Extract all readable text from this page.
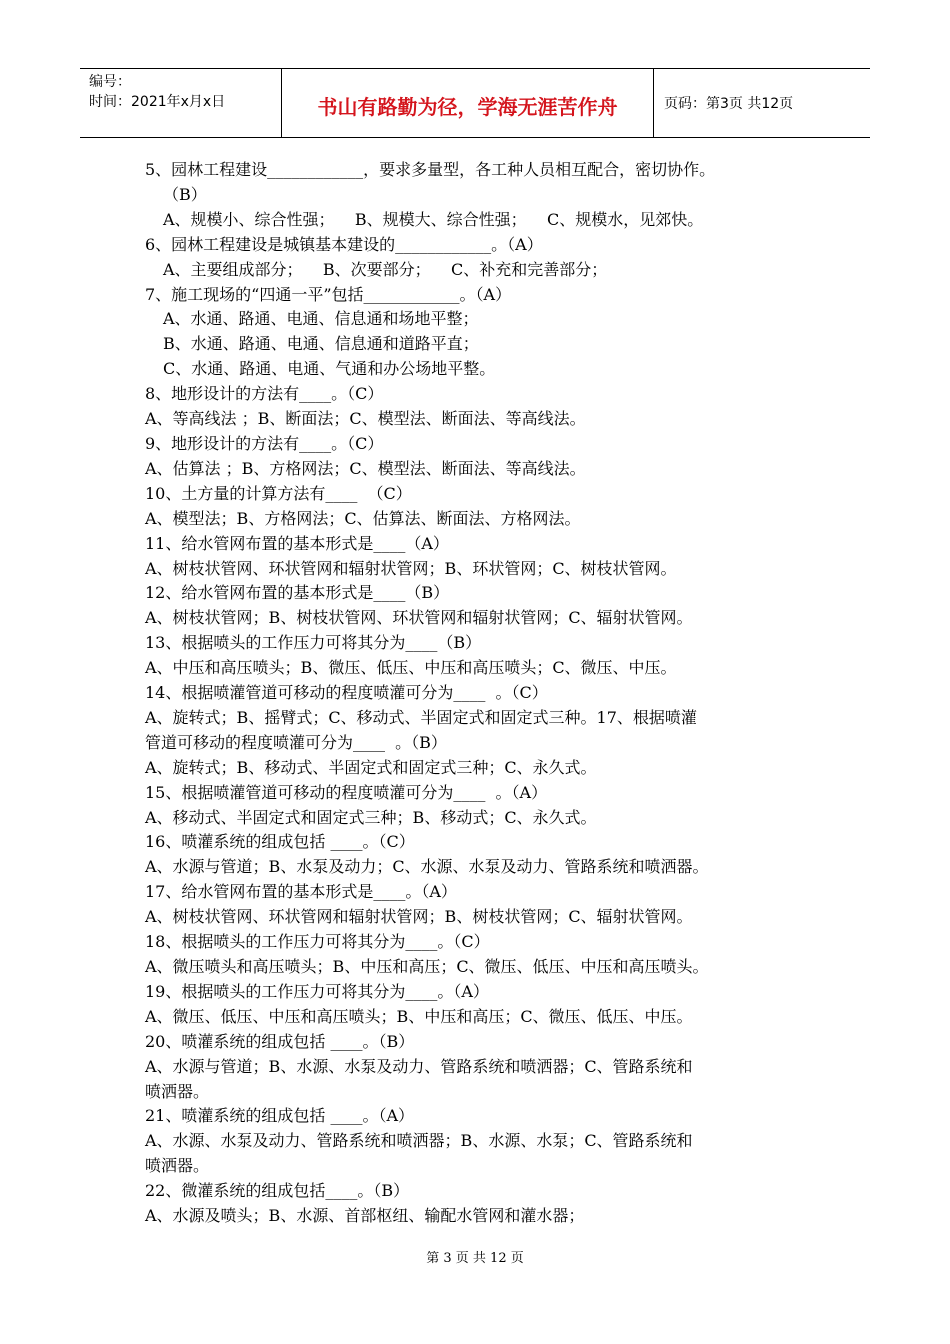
编号：
时间：2021年x月x日	书山有路勤为径，学海无涯苦作舟	页码：第3页 共12页
5、园林工程建设____________，要求多量型，各工种人员相互配合，密切协作。
（B）
A、规模小、综合性强；    B、规模大、综合性强；    C、规模水，见郊快。
6、园林工程建设是城镇基本建设的____________。（A）
A、主要组成部分；    B、次要部分；    C、补充和完善部分；
7、施工现场的“四通一平”包括____________。（A）
A、水通、路通、电通、信息通和场地平整；
B、水通、路通、电通、信息通和道路平直；
C、水通、路通、电通、气通和办公场地平整。
8、地形设计的方法有____。（C）
A、等高线法 ；B、断面法；C、模型法、断面法、等高线法。
9、地形设计的方法有____。（C）
A、估算法 ；B、方格网法；C、模型法、断面法、等高线法。
10、土方量的计算方法有____  （C）
A、模型法；B、方格网法；C、估算法、断面法、方格网法。
11、给水管网布置的基本形式是____（A）
A、树枝状管网、环状管网和辐射状管网；B、环状管网；C、树枝状管网。
12、给水管网布置的基本形式是____（B）
A、树枝状管网；B、树枝状管网、环状管网和辐射状管网；C、辐射状管网。
13、根据喷头的工作压力可将其分为____（B）
A、中压和高压喷头；B、微压、低压、中压和高压喷头；C、微压、中压。
14、根据喷灌管道可移动的程度喷灌可分为____  。（C）
A、旋转式；B、摇臂式；C、移动式、半固定式和固定式三种。17、根据喷灌
管道可移动的程度喷灌可分为____  。（B）
A、旋转式；B、移动式、半固定式和固定式三种；C、永久式。
15、根据喷灌管道可移动的程度喷灌可分为____  。（A）
A、移动式、半固定式和固定式三种；B、移动式；C、永久式。
16、喷灌系统的组成包括 ____。（C）
A、水源与管道；B、水泵及动力；C、水源、水泵及动力、管路系统和喷洒器。
17、给水管网布置的基本形式是____。（A）
A、树枝状管网、环状管网和辐射状管网；B、树枝状管网；C、辐射状管网。
18、根据喷头的工作压力可将其分为____。（C）
A、微压喷头和高压喷头；B、中压和高压；C、微压、低压、中压和高压喷头。
19、根据喷头的工作压力可将其分为____。（A）
A、微压、低压、中压和高压喷头；B、中压和高压；C、微压、低压、中压。
20、喷灌系统的组成包括 ____。（B）
A、水源与管道；B、水源、水泵及动力、管路系统和喷洒器；C、管路系统和
喷洒器。
21、喷灌系统的组成包括 ____。（A）
A、水源、水泵及动力、管路系统和喷洒器；B、水源、水泵；C、管路系统和
喷洒器。
22、微灌系统的组成包括____。（B）
A、水源及喷头；B、水源、首部枢纽、输配水管网和灌水器；
第 3 页 共 12 页
